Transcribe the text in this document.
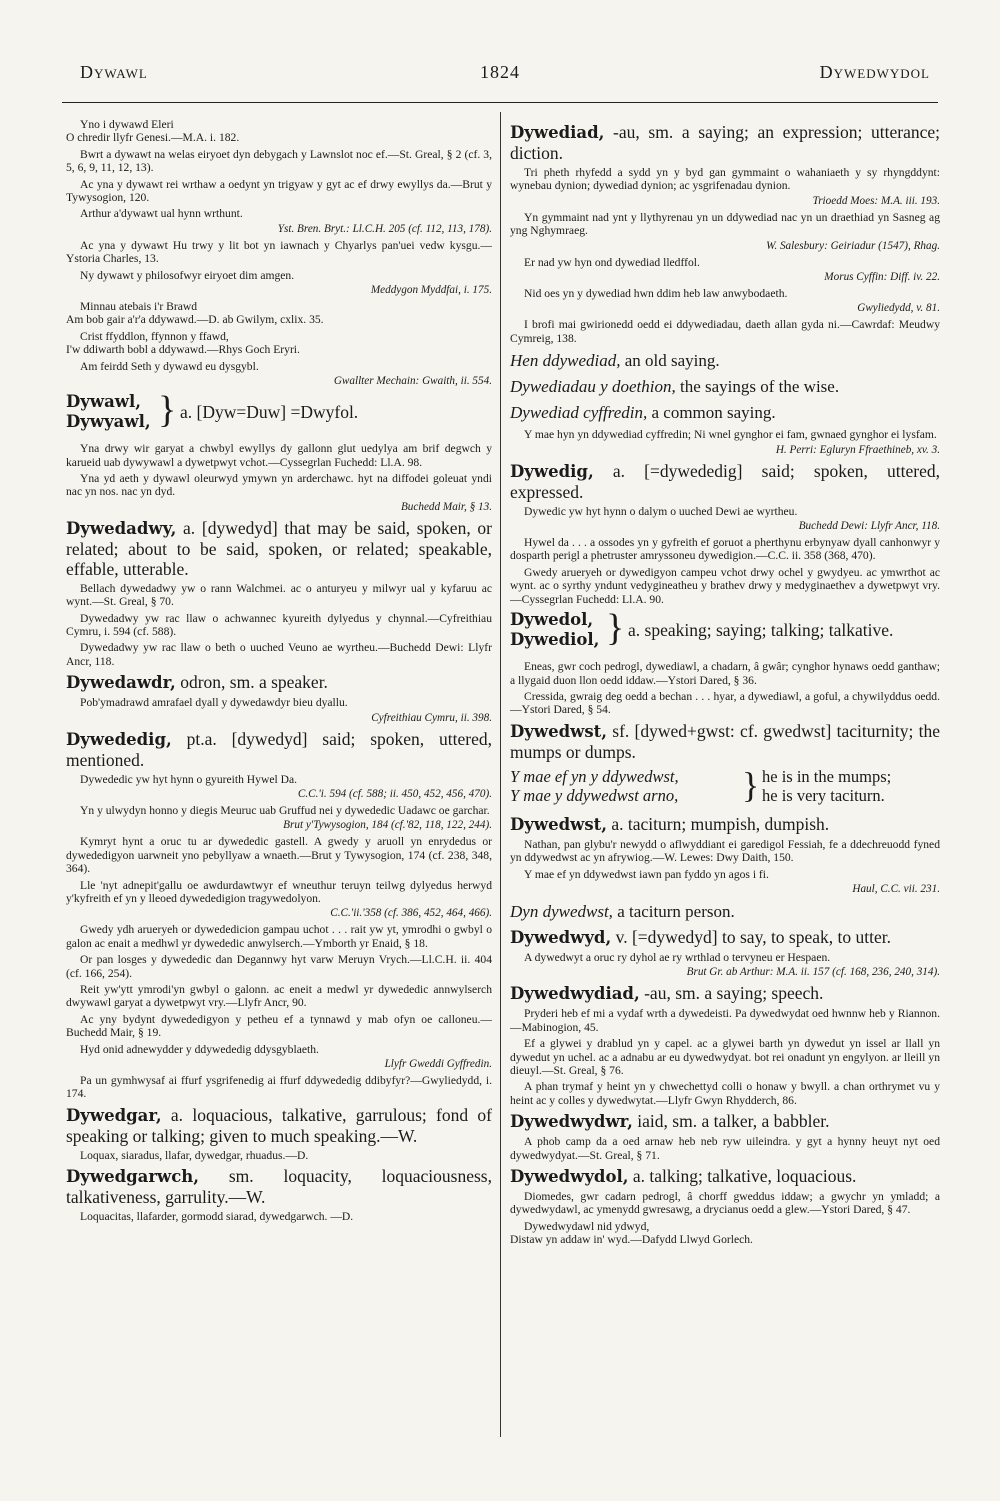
Dywawl	1824	Dywedwydol

Yno i dywawd Eleri
O chredir llyfr Genesi.—M.A. i. 182.

Bwrt a dywawt na welas eiryoet dyn debygach y Lawnslot noc ef.—St. Greal, § 2 (cf. 3, 5, 6, 9, 11, 12, 13).

Ac yna y dywawt rei wrthaw a oedynt yn trigyaw y gyt ac ef drwy ewyllys da.—Brut y Tywysogion, 120.

Arthur a'dywawt ual hynn wrthunt.

Yst. Bren. Bryt.: Ll.C.H. 205 (cf. 112, 113, 178).

Ac yna y dywawt Hu trwy y lit bot yn iawnach y Chyarlys pan'uei vedw kysgu.—Ystoria Charles, 13.

Ny dywawt y philosofwyr eiryoet dim amgen.

Meddygon Myddfai, i. 175.

Minnau atebais i'r Brawd
Am bob gair a'r'a ddywawd.—D. ab Gwilym, cxlix. 35.

Crist ffyddlon, ffynnon y ffawd,
I'w ddiwarth bobl a ddywawd.—Rhys Goch Eryri.

Am feirdd Seth y dywawd eu dysgybl.

Gwallter Mechain: Gwaith, ii. 554.

Dywawl,
Dywyawl, } a. [Dyw=Duw] =Dwyfol.

Yna drwy wir garyat a chwbyl ewyllys dy gallonn glut uedylya am brif degwch y karueid uab dywywawl a dywetpwyt vchot.—Cyssegrlan Fuchedd: Ll.A. 98.

Yna yd aeth y dywawl oleurwyd ymywn yn arderchawc. hyt na diffodei goleuat yndi nac yn nos. nac yn dyd.

Buchedd Mair, § 13.

Dywedadwy, a. [dywedyd] that may be said, spoken, or related; about to be said, spoken, or related; speakable, effable, utterable.

Bellach dywedadwy yw o rann Walchmei. ac o anturyeu y milwyr ual y kyfaruu ac wynt.—St. Greal, § 70.

Dywedadwy yw rac llaw o achwannec kyureith dylyedus y chynnal.—Cyfreithiau Cymru, i. 594 (cf. 588).

Dywedadwy yw rac llaw o beth o uuched Veuno ae wyrtheu.—Buchedd Dewi: Llyfr Ancr, 118.

Dywedawdr, odron, sm. a speaker.

Pob'ymadrawd amrafael dyall y dywedawdyr bieu dyallu.

Cyfreithiau Cymru, ii. 398.

Dywededig, pt.a. [dywedyd] said; spoken, uttered, mentioned.

Dywededic yw hyt hynn o gyureith Hywel Da.

C.C.'i. 594 (cf. 588; ii. 450, 452, 456, 470).

Yn y ulwydyn honno y diegis Meuruc uab Gruffud nei y dywededic Uadawc oe garchar.

Brut y'Tywysogion, 184 (cf.'82, 118, 122, 244).

Kymryt hynt a oruc tu ar dywededic gastell. A gwedy y aruoll yn enrydedus or dywededigyon uarwneit yno pebyllyaw a wnaeth.—Brut y Tywysogion, 174 (cf. 238, 348, 364).

Lle 'nyt adnepit'gallu oe awdurdawtwyr ef wneuthur teruyn teilwg dylyedus herwyd y'kyfreith ef yn y lleoed dywededigion tragywedolyon.

C.C.'ii.'358 (cf. 386, 452, 464, 466).

Gwedy ydh arueryeh or dywededicion gampau uchot . . . rait yw yt, ymrodhi o gwbyl o galon ac enait a medhwl yr dywededic anwylserch.—Ymborth yr Enaid, § 18.

Or pan losges y dywededic dan Degannwy hyt varw Meruyn Vrych.—Ll.C.H. ii. 404 (cf. 166, 254).

Reit yw'ytt ymrodi'yn gwbyl o galonn. ac eneit a medwl yr dywededic annwylserch dwywawl garyat a dywetpwyt vry.—Llyfr Ancr, 90.

Ac yny bydynt dywededigyon y petheu ef a tynnawd y mab ofyn oe calloneu.—Buchedd Mair, § 19.

Hyd onid adnewydder y ddywededig ddysgyblaeth.

Llyfr Gweddi Gyffredin.

Pa un gymhwysaf ai ffurf ysgrifenedig ai ffurf ddywededig ddibyfyr?—Gwyliedydd, i. 174.

Dywedgar, a. loquacious, talkative, garrulous; fond of speaking or talking; given to much speaking.—W.

Loquax, siaradus, llafar, dywedgar, rhuadus.—D.

Dywedgarwch, sm. loquacity, loquaciousness, talkativeness, garrulity.—W.

Loquacitas, llafarder, gormodd siarad, dywedgarwch. —D.

Dywediad, -au, sm. a saying; an expression; utterance; diction.

Tri pheth rhyfedd a sydd yn y byd gan gymmaint o wahaniaeth y sy rhyngddynt: wynebau dynion; dywediad dynion; ac ysgrifenadau dynion.

Trioedd Moes: M.A. iii. 193.

Yn gymmaint nad ynt y llythyrenau yn un ddywediad nac yn un draethiad yn Sasneg ag yng Nghymraeg.

W. Salesbury: Geiriadur (1547), Rhag.

Er nad yw hyn ond dywediad lledffol.

Morus Cyffin: Diff. iv. 22.

Nid oes yn y dywediad hwn ddim heb law anwybodaeth.

Gwyliedydd, v. 81.

I brofi mai gwirionedd oedd ei ddywediadau, daeth allan gyda ni.—Cawrdaf: Meudwy Cymreig, 138.

Hen ddywediad, an old saying.

Dywediadau y doethion, the sayings of the wise.

Dywediad cyffredin, a common saying.

Y mae hyn yn ddywediad cyffredin; Ni wnel gynghor ei fam, gwnaed gynghor ei lysfam.

H. Perri: Egluryn Ffraethineb, xv. 3.

Dywedig, a. [=dywededig] said; spoken, uttered, expressed.

Dywedic yw hyt hynn o dalym o uuched Dewi ae wyrtheu.

Buchedd Dewi: Llyfr Ancr, 118.

Hywel da . . . a ossodes yn y gyfreith ef goruot a pherthynu erbynyaw dyall canhonwyr y dosparth perigl a phetruster amryssoneu dywedigion.—C.C. ii. 358 (368, 470).

Gwedy arueryeh or dywedigyon campeu vchot drwy ochel y gwydyeu. ac ymwrthot ac wynt. ac o syrthy yndunt vedygineatheu y brathev drwy y medyginaethev a dywetpwyt vry.—Cyssegrlan Fuchedd: Ll.A. 90.

Dywedol,
Dywediol, } a. speaking; saying; talking; talkative.

Eneas, gwr coch pedrogl, dywediawl, a chadarn, â gwâr; cynghor hynaws oedd ganthaw; a llygaid duon llon oedd iddaw.—Ystori Dared, § 36.

Cressida, gwraig deg oedd a bechan . . . hyar, a dywediawl, a goful, a chywilyddus oedd.—Ystori Dared, § 54.

Dywedwst, sf. [dywed+gwst: cf. gwedwst] taciturnity; the mumps or dumps.

Y mae ef yn y ddywedwst,
Y mae y ddywedwst arno, } he is in the mumps;
he is very taciturn.

Dywedwst, a. taciturn; mumpish, dumpish.

Nathan, pan glybu'r newydd o aflwyddiant ei garedigol Fessiah, fe a ddechreuodd fyned yn ddywedwst ac yn afrywiog.—W. Lewes: Dwy Daith, 150.

Y mae ef yn ddywedwst iawn pan fyddo yn agos i fi.

Haul, C.C. vii. 231.

Dyn dywedwst, a taciturn person.

Dywedwyd, v. [=dywedyd] to say, to speak, to utter.

A dywedwyt a oruc ry dyhol ae ry wrthlad o tervyneu er Hespaen.

Brut Gr. ab Arthur: M.A. ii. 157 (cf. 168, 236, 240, 314).

Dywedwydiad, -au, sm. a saying; speech.

Pryderi heb ef mi a vydaf wrth a dywedeisti. Pa dywedwydat oed hwnnw heb y Riannon.—Mabinogion, 45.

Ef a glywei y drablud yn y capel. ac a glywei barth yn dywedut yn issel ar llall yn dywedut yn uchel. ac a adnabu ar eu dywedwydyat. bot rei onadunt yn engylyon. ar lleill yn dieuyl.—St. Greal, § 76.

A phan trymaf y heint yn y chwechettyd colli o honaw y bwyll. a chan orthrymet vu y heint ac y colles y dywedwytat.—Llyfr Gwyn Rhydderch, 86.

Dywedwydwr, iaid, sm. a talker, a babbler.

A phob camp da a oed arnaw heb neb ryw uileindra. y gyt a hynny heuyt nyt oed dywedwydyat.—St. Greal, § 71.

Dywedwydol, a. talking; talkative, loquacious.

Diomedes, gwr cadarn pedrogl, â chorff gweddus iddaw; a gwychr yn ymladd; a dywedwydawl, ac ymenydd gwresawg, a drycianus oedd a glew.—Ystori Dared, § 47.

Dywedwydawl nid ydwyd,
Distaw yn addaw in' wyd.—Dafydd Llwyd Gorlech.
